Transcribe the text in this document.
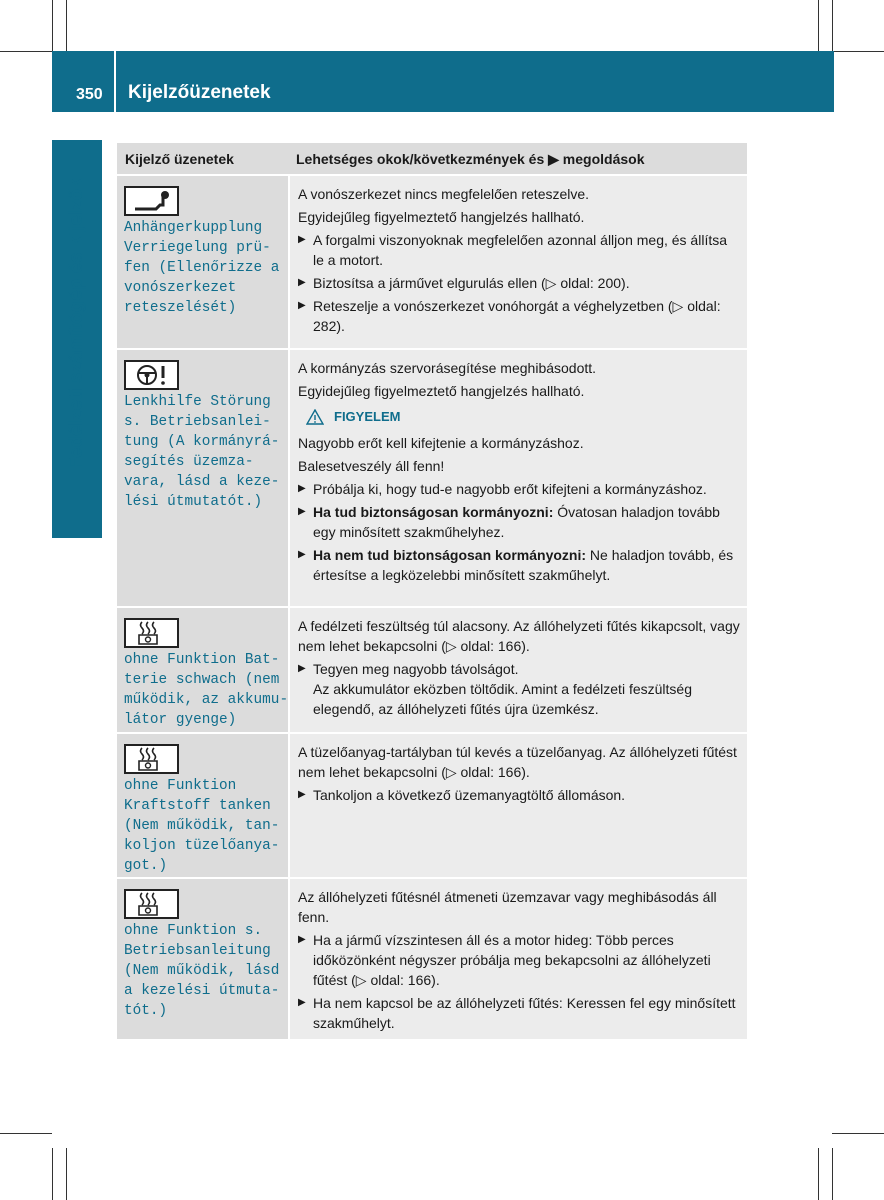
350 Kijelzőüzenetek
Fedélzeti számítógép és kijelzők
Kijelző üzenetek	Lehetséges okok/következmények és ▶ megoldások
Anhängerkupplung
Verriegelung prü-
fen (Ellenőrizze a
vonószerkezet
reteszelését)
A vonószerkezet nincs megfelelően reteszelve.
Egyidejűleg figyelmeztető hangjelzés hallható.
▶ A forgalmi viszonyoknak megfelelően azonnal álljon meg, és állítsa le a motort.
▶ Biztosítsa a járművet elgurulás ellen (▷ oldal: 200).
▶ Reteszelje a vonószerkezet vonóhorgát a véghelyzetben (▷ oldal: 282).
Lenkhilfe Störung
s. Betriebsanlei-
tung (A kormányrá-
segítés üzemza-
vara, lásd a keze-
lési útmutatót.)
A kormányzás szervorásegítése meghibásodott.
Egyidejűleg figyelmeztető hangjelzés hallható.
FIGYELEM
Nagyobb erőt kell kifejtenie a kormányzáshoz.
Balesetveszély áll fenn!
▶ Próbálja ki, hogy tud-e nagyobb erőt kifejteni a kormányzáshoz.
▶ Ha tud biztonságosan kormányozni: Óvatosan haladjon tovább egy minősített szakműhelyhez.
▶ Ha nem tud biztonságosan kormányozni: Ne haladjon tovább, és értesítse a legközelebbi minősített szakműhelyt.
ohne Funktion Bat-
terie schwach (nem
működik, az akkumu-
látor gyenge)
A fedélzeti feszültség túl alacsony. Az állóhelyzeti fűtés kikapcsolt, vagy nem lehet bekapcsolni (▷ oldal: 166).
▶ Tegyen meg nagyobb távolságot.
Az akkumulátor eközben töltődik. Amint a fedélzeti feszültség elegendő, az állóhelyzeti fűtés újra üzemkész.
ohne Funktion
Kraftstoff tanken
(Nem működik, tan-
koljon tüzelőanya-
got.)
A tüzelőanyag-tartályban túl kevés a tüzelőanyag. Az állóhelyzeti fűtést nem lehet bekapcsolni (▷ oldal: 166).
▶ Tankoljon a következő üzemanyagtöltő állomáson.
ohne Funktion s.
Betriebsanleitung
(Nem működik, lásd
a kezelési útmuta-
tót.)
Az állóhelyzeti fűtésnél átmeneti üzemzavar vagy meghibásodás áll fenn.
▶ Ha a jármű vízszintesen áll és a motor hideg: Több perces időközönként négyszer próbálja meg bekapcsolni az állóhelyzeti fűtést (▷ oldal: 166).
▶ Ha nem kapcsol be az állóhelyzeti fűtés: Keressen fel egy minősített szakműhelyt.
